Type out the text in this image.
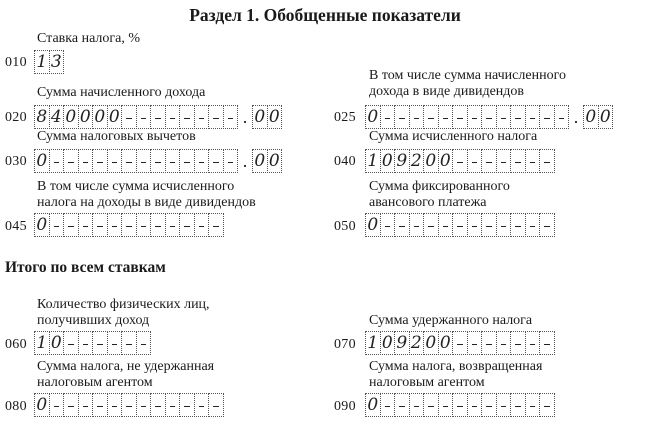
Раздел 1. Обобщенные показатели
Ставка налога, %
010 1 3
Сумма начисленного дохода
020 8 4 0 0 0 0	. 0 0
В том числе сумма начисленного
дохода в виде дивидендов
025 0	. 0 0
Сумма налоговых вычетов
030 0	. 0 0
Сумма исчисленного налога
040 1 0 9 2 0 0
В том числе сумма исчисленного
налога на доходы в виде дивидендов
045 0
Сумма фиксированного
авансового платежа
050 0
Итого по всем ставкам
Количество физических лиц,
получивших доход
060 1 0
Сумма удержанного налога
070 1 0 9 2 0 0
Сумма налога, не удержанная
налоговым агентом
080 0
Сумма налога, возвращенная
налоговым агентом
090 0
